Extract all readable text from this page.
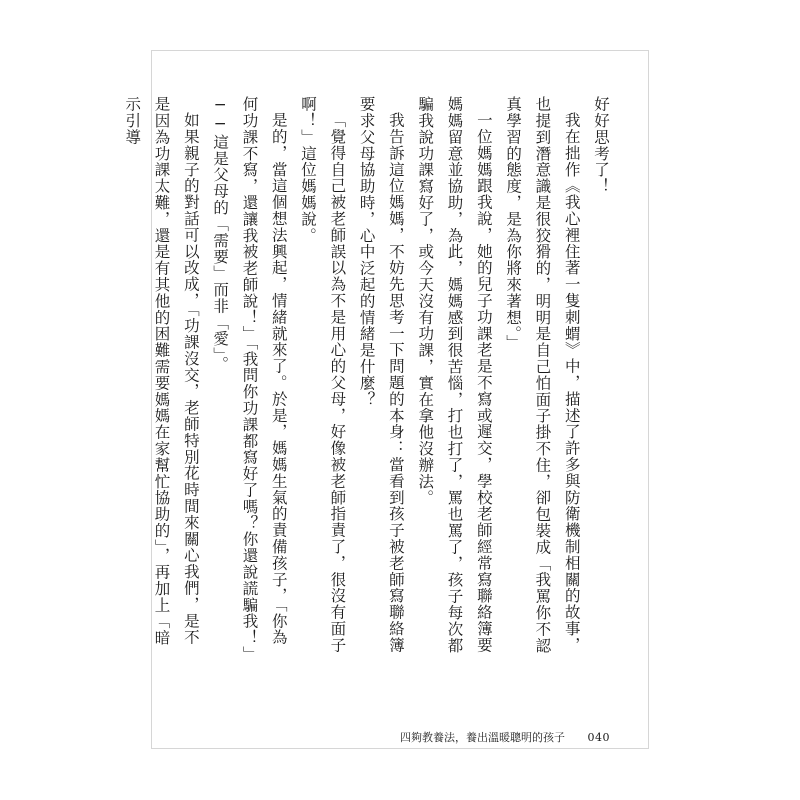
好好思考了！

我在拙作《我心裡住著一隻刺蝟》中，描述了許多與防衛機制相關的故事，也提到潛意識是很狡猾的，明明是自己怕面子掛不住，卻包裝成「我罵你不認真學習的態度，是為你將來著想。」

一位媽媽跟我說，她的兒子功課老是不寫或遲交，學校老師經常寫聯絡簿要媽媽留意並協助，為此，媽媽感到很苦惱，打也打了，罵也罵了，孩子每次都騙我說功課寫好了，或今天沒有功課，實在拿他沒辦法。

我告訴這位媽媽，不妨先思考一下問題的本身：當看到孩子被老師寫聯絡簿要求父母協助時，心中泛起的情緒是什麼？

「覺得自己被老師誤以為不是用心的父母，好像被老師指責了，很沒有面子啊！」這位媽媽說。

是的，當這個想法興起，情緒就來了。於是，媽媽生氣的責備孩子，「你為何功課不寫，還讓我被老師說！」「我問你功課都寫好了嗎？你還說謊騙我！」──這是父母的「需要」而非「愛」。

如果親子的對話可以改成，「功課沒交，老師特別花時間來關心我們，是不是因為功課太難，還是有其他的困難需要媽媽在家幫忙協助的」，再加上「暗示引導

四夠教養法，養出溫暖聰明的孩子 040
